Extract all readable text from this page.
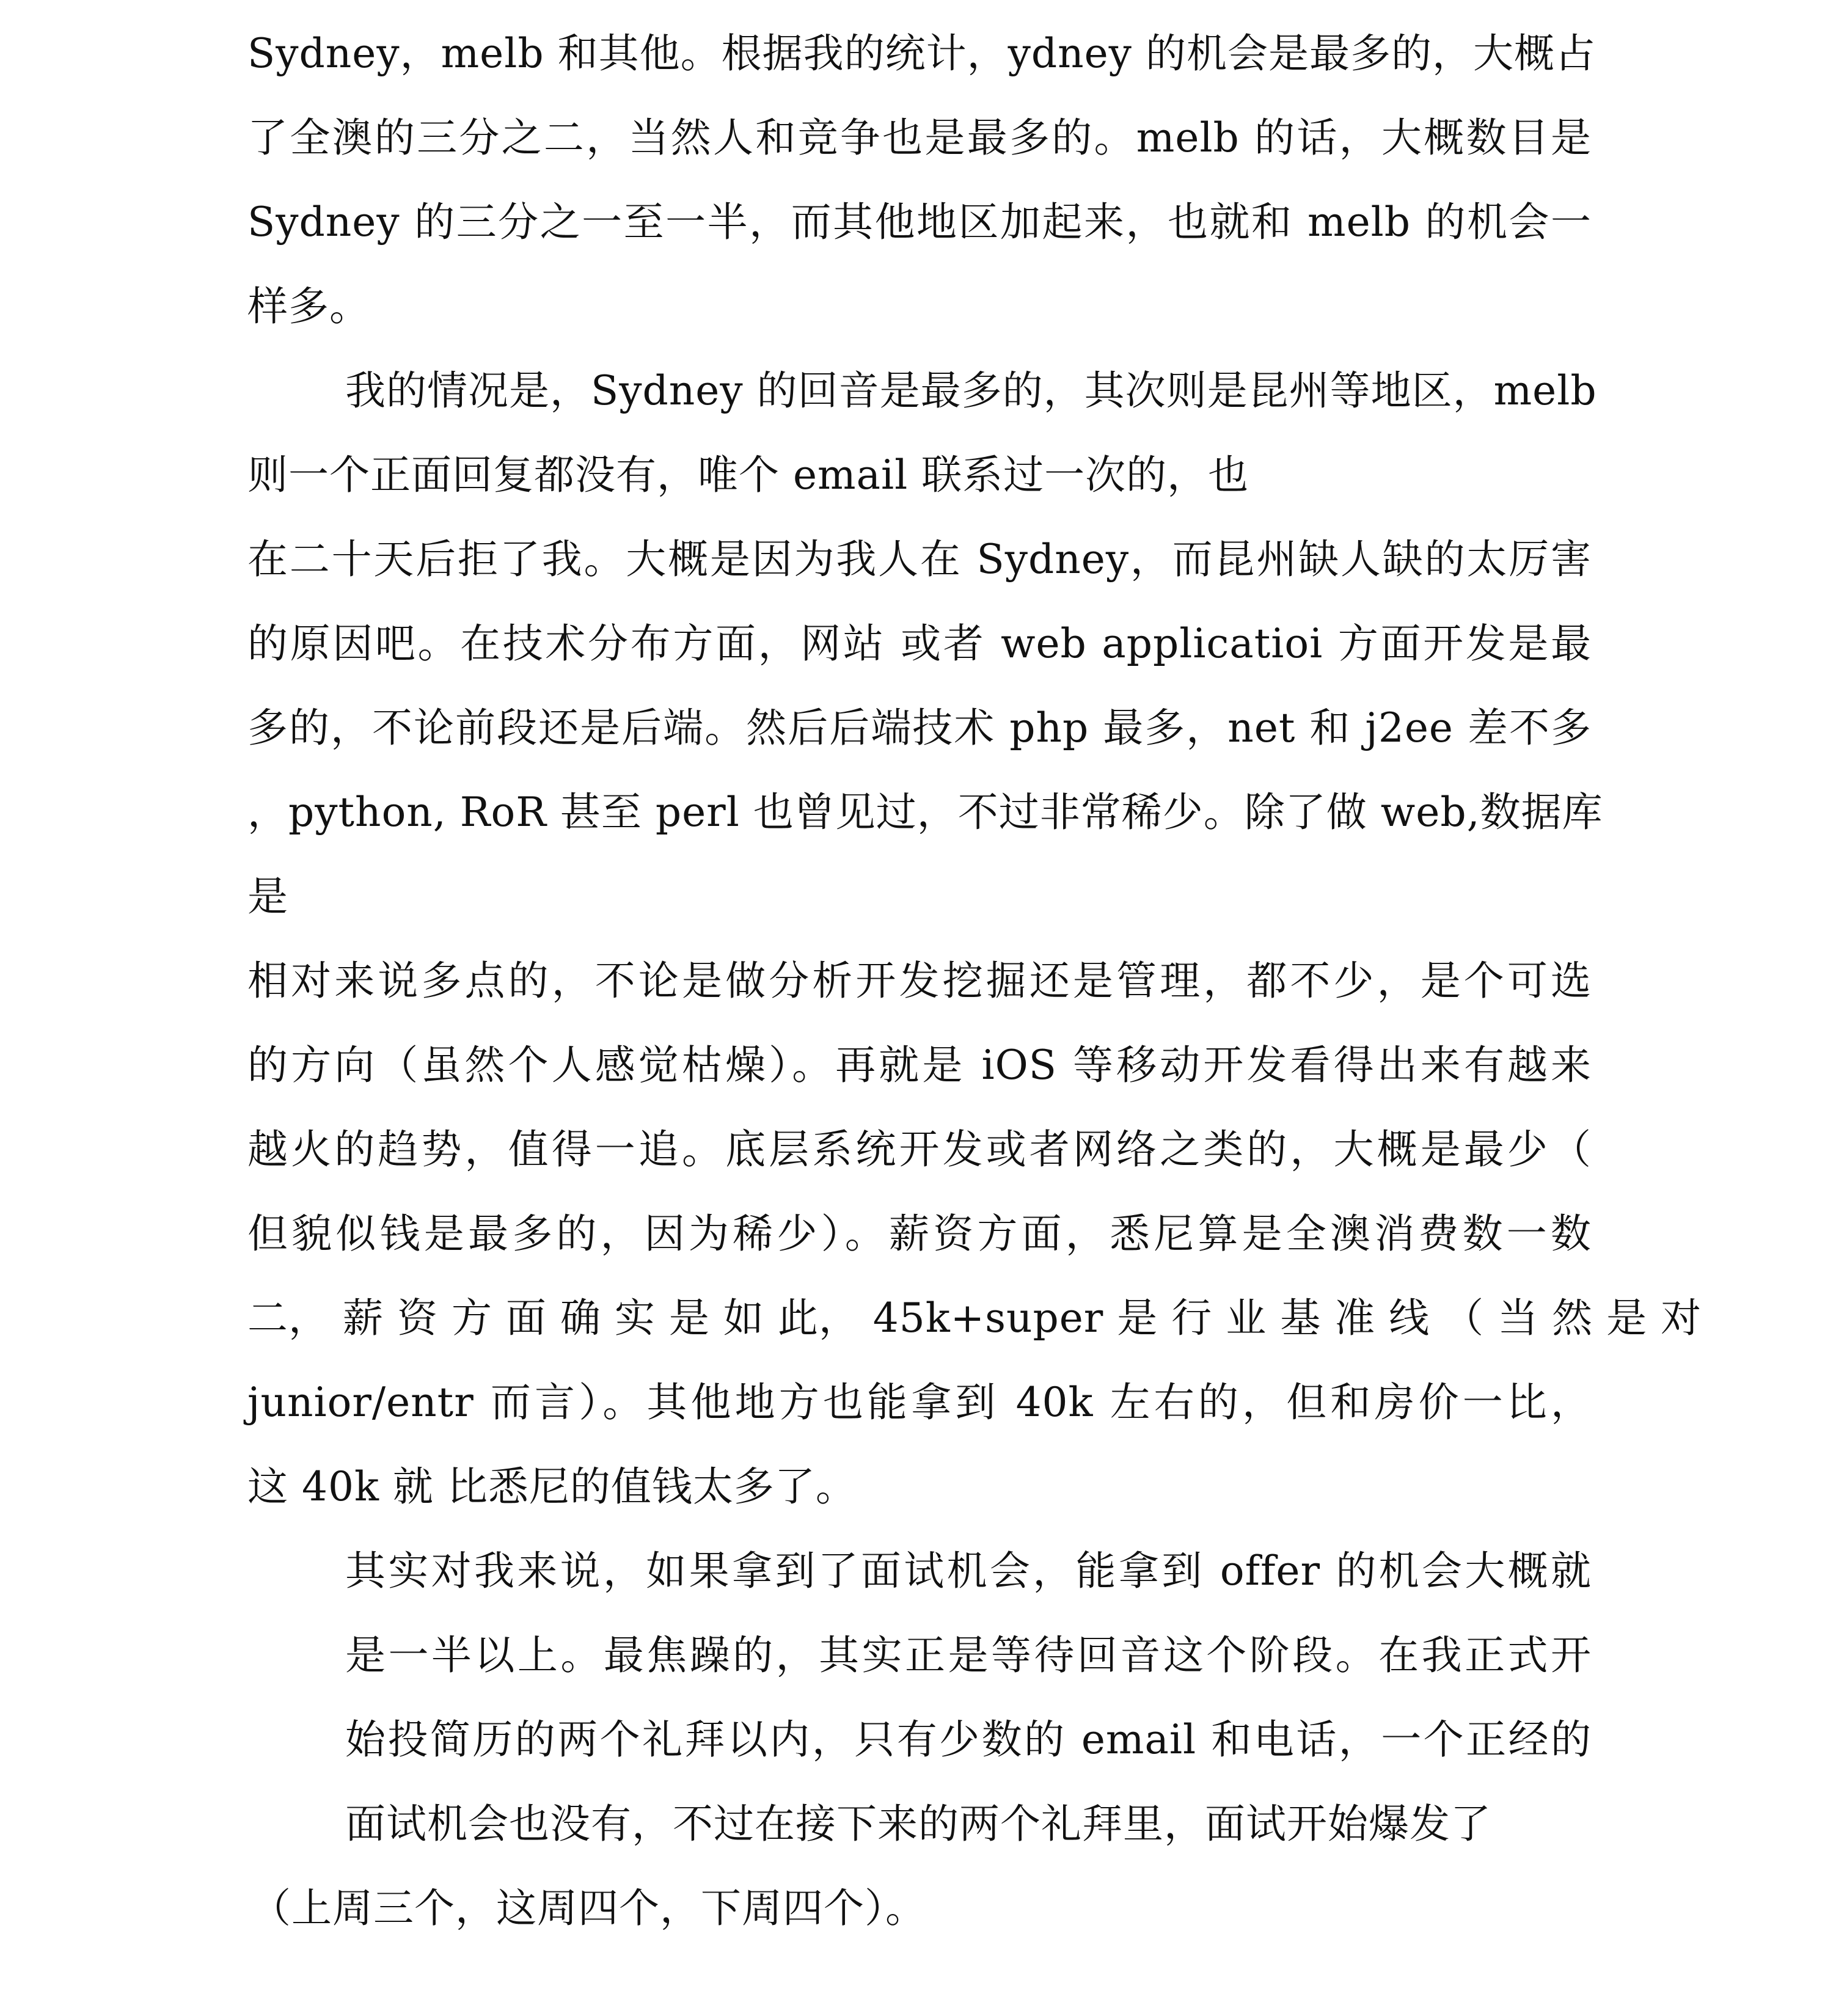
Sydney，melb 和其他。根据我的统计，ydney 的机会是最多的，大概占
了全澳的三分之二，当然人和竞争也是最多的。melb 的话，大概数目是
Sydney 的三分之一至一半，而其他地区加起来，也就和 melb 的机会一
样多。
我的情况是，Sydney 的回音是最多的，其次则是昆州等地区，melb
则一个正面回复都没有，唯个 email 联系过一次的，也
在二十天后拒了我。大概是因为我人在 Sydney，而昆州缺人缺的太厉害
的原因吧。在技术分布方面，网站 或者 web applicatioi 方面开发是最
多的，不论前段还是后端。然后后端技术 php 最多，net 和 j2ee 差不多
，python, RoR 甚至 perl 也曾见过，不过非常稀少。除了做 web,数据库
是
相对来说多点的，不论是做分析开发挖掘还是管理，都不少，是个可选
的方向（虽然个人感觉枯燥）。再就是 iOS 等移动开发看得出来有越来
越火的趋势，值得一追。底层系统开发或者网络之类的，大概是最少（
但貌似钱是最多的，因为稀少）。薪资方面，悉尼算是全澳消费数一数
二， 薪 资 方 面 确 实 是 如 此， 45k+super 是 行 业 基 准 线 （ 当 然 是 对
junior/entr 而言）。其他地方也能拿到 40k 左右的，但和房价一比，
这 40k 就 比悉尼的值钱太多了。
其实对我来说，如果拿到了面试机会，能拿到 offer 的机会大概就
是一半以上。最焦躁的，其实正是等待回音这个阶段。在我正式开
始投简历的两个礼拜以内，只有少数的 email 和电话，一个正经的
面试机会也没有，不过在接下来的两个礼拜里，面试开始爆发了
（上周三个，这周四个，下周四个）。
